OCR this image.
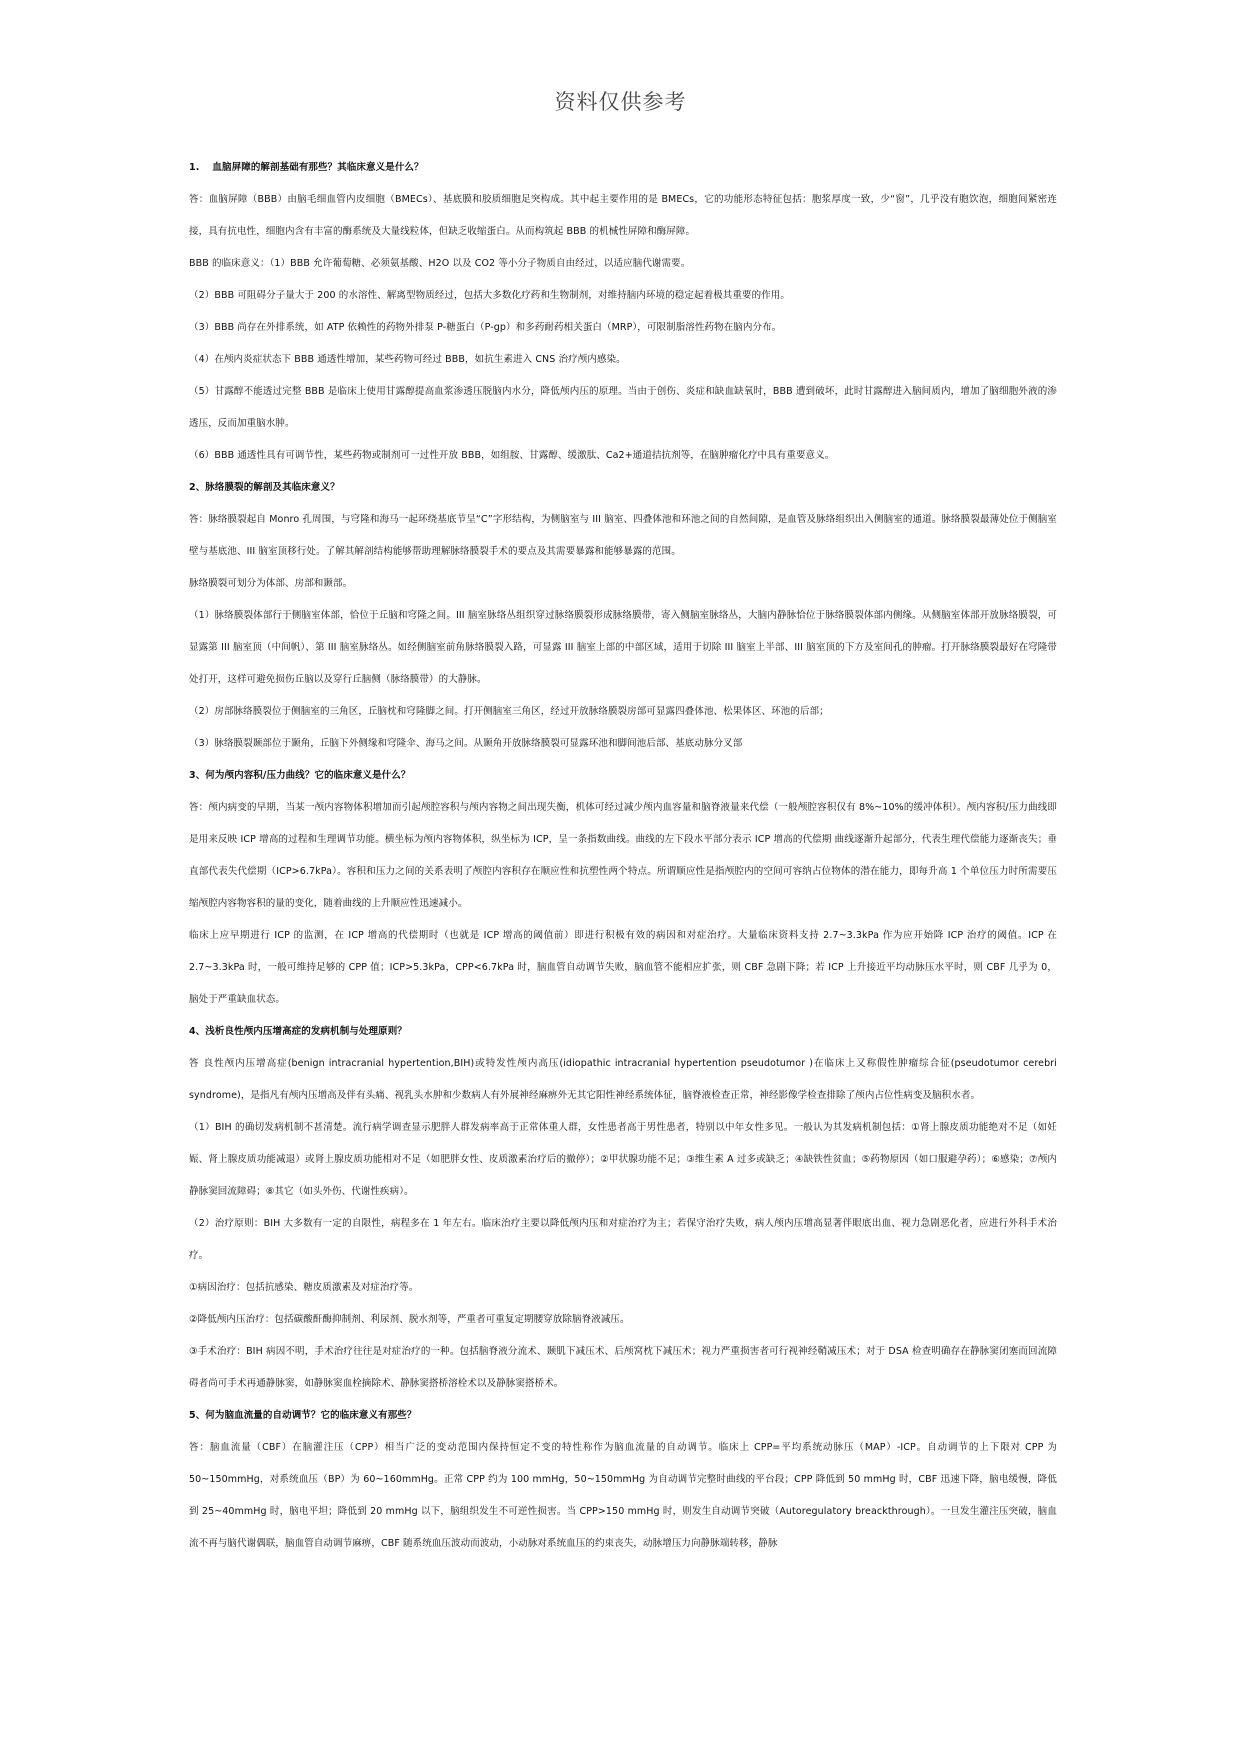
资料仅供参考

1.　 血脑屏障的解剖基础有那些？其临床意义是什么？

答：血脑屏障（BBB）由脑毛细血管内皮细胞（BMECs）、基底膜和胶质细胞足突构成。其中起主要作用的是 BMECs，它的功能形态特征包括：胞浆厚度一致，少“窗”，几乎没有胞饮泡，细胞间紧密连接，具有抗电性，细胞内含有丰富的酶系统及大量线粒体，但缺乏收缩蛋白。从而构筑起 BBB 的机械性屏障和酶屏障。

BBB 的临床意义：（1）BBB 允许葡萄糖、必须氨基酸、H2O 以及 CO2 等小分子物质自由经过，以适应脑代谢需要。

（2）BBB 可阻碍分子量大于 200 的水溶性、解离型物质经过，包括大多数化疗药和生物制剂，对维持脑内环境的稳定起着极其重要的作用。

（3）BBB 尚存在外排系统，如 ATP 依赖性的药物外排泵 P-糖蛋白（P-gp）和多药耐药相关蛋白（MRP），可限制脂溶性药物在脑内分布。

（4）在颅内炎症状态下 BBB 通透性增加，某些药物可经过 BBB，如抗生素进入 CNS 治疗颅内感染。

（5）甘露醇不能透过完整 BBB 是临床上使用甘露醇提高血浆渗透压脱脑内水分，降低颅内压的原理。当由于创伤、炎症和缺血缺氧时，BBB 遭到破坏，此时甘露醇进入脑间质内，增加了脑细胞外液的渗透压，反而加重脑水肿。

（6）BBB 通透性具有可调节性，某些药物或制剂可一过性开放 BBB，如组胺、甘露醇、缓激肽、Ca2+通道拮抗剂等，在脑肿瘤化疗中具有重要意义。

2、脉络膜裂的解剖及其临床意义？

答：脉络膜裂起自 Monro 孔周围，与穹隆和海马一起环绕基底节呈“C”字形结构，为侧脑室与 III 脑室、四叠体池和环池之间的自然间隙，是血管及脉络组织出入侧脑室的通道。脉络膜裂最薄处位于侧脑室壁与基底池、III 脑室顶移行处。了解其解剖结构能够帮助理解脉络膜裂手术的要点及其需要暴露和能够暴露的范围。

脉络膜裂可划分为体部、房部和颞部。

（1）脉络膜裂体部行于侧脑室体部，恰位于丘脑和穹隆之间。III 脑室脉络丛组织穿过脉络膜裂形成脉络膜带，寄入侧脑室脉络丛，大脑内静脉恰位于脉络膜裂体部内侧缘。从侧脑室体部开放脉络膜裂，可显露第 III 脑室顶（中间帆）、第 III 脑室脉络丛。如经侧脑室前角脉络膜裂入路，可显露 III 脑室上部的中部区域，适用于切除 III 脑室上半部、III 脑室顶的下方及室间孔的肿瘤。打开脉络膜裂最好在穹隆带处打开，这样可避免损伤丘脑以及穿行丘脑侧（脉络膜带）的大静脉。

（2）房部脉络膜裂位于侧脑室的三角区，丘脑枕和穹隆脚之间。打开侧脑室三角区，经过开放脉络膜裂房部可显露四叠体池、松果体区、环池的后部；

（3）脉络膜裂颞部位于颞角，丘脑下外侧缘和穹隆伞、海马之间。从颞角开放脉络膜裂可显露环池和脚间池后部、基底动脉分叉部

3、何为颅内容积/压力曲线？它的临床意义是什么？

答：颅内病变的早期，当某一颅内容物体积增加而引起颅腔容积与颅内容物之间出现失衡，机体可经过减少颅内血容量和脑脊液量来代偿（一般颅腔容积仅有 8%~10%的缓冲体积）。颅内容积/压力曲线即是用来反映 ICP 增高的过程和生理调节功能。横坐标为颅内容物体积，纵坐标为 ICP，呈一条指数曲线。曲线的左下段水平部分表示 ICP 增高的代偿期 曲线逐渐升起部分，代表生理代偿能力逐渐丧失；垂直部代表失代偿期（ICP>6.7kPa）。容积和压力之间的关系表明了颅腔内容积存在顺应性和抗塑性两个特点。所谓顺应性是指颅腔内的空间可容纳占位物体的潜在能力，即每升高 1 个单位压力时所需要压缩颅腔内容物容积的量的变化，随着曲线的上升顺应性迅速减小。

临床上应早期进行 ICP 的监测，在 ICP 增高的代偿期时（也就是 ICP 增高的阈值前）即进行积极有效的病因和对症治疗。大量临床资料支持 2.7~3.3kPa 作为应开始降 ICP 治疗的阈值。ICP 在 2.7~3.3kPa 时，一般可维持足够的 CPP 值；ICP>5.3kPa，CPP<6.7kPa 时，脑血管自动调节失败，脑血管不能相应扩张，则 CBF 急剧下降；若 ICP 上升接近平均动脉压水平时，则 CBF 几乎为 0，脑处于严重缺血状态。

4、浅析良性颅内压增高症的发病机制与处理原则？

答 良性颅内压增高症(benign intracranial hypertention,BIH)或特发性颅内高压(idiopathic intracranial hypertention pseudotumor )在临床上又称假性肿瘤综合征(pseudotumor cerebri syndrome)，是指凡有颅内压增高及伴有头痛、视乳头水肿和少数病人有外展神经麻痹外无其它阳性神经系统体征，脑脊液检查正常，神经影像学检查排除了颅内占位性病变及脑积水者。

（1）BIH 的确切发病机制不甚清楚。流行病学调查显示肥胖人群发病率高于正常体重人群，女性患者高于男性患者，特别以中年女性多见。一般认为其发病机制包括：①肾上腺皮质功能绝对不足（如妊娠、肾上腺皮质功能减退）或肾上腺皮质功能相对不足（如肥胖女性、皮质激素治疗后的撤停）；②甲状腺功能不足；③维生素 A 过多或缺乏；④缺铁性贫血；⑤药物原因（如口服避孕药）；⑥感染；⑦颅内静脉窦回流障碍；⑧其它（如头外伤、代谢性疾病）。

（2）治疗原则：BIH 大多数有一定的自限性，病程多在 1 年左右。临床治疗主要以降低颅内压和对症治疗为主；若保守治疗失败，病人颅内压增高显著伴眼底出血、视力急剧恶化者，应进行外科手术治疗。

①病因治疗：包括抗感染、糖皮质激素及对症治疗等。

②降低颅内压治疗：包括碳酸酐酶抑制剂、利尿剂、脱水剂等，严重者可重复定期腰穿放除脑脊液减压。

③手术治疗：BIH 病因不明，手术治疗往往是对症治疗的一种。包括脑脊液分流术、颞肌下减压术、后颅窝枕下减压术；视力严重损害者可行视神经鞘减压术；对于 DSA 检查明确存在静脉窦闭塞而回流障碍者尚可手术再通静脉窦，如静脉窦血栓摘除术、静脉窦搭桥溶栓术以及静脉窦搭桥术。

5、何为脑血流量的自动调节？它的临床意义有那些？

答：脑血流量（CBF）在脑灌注压（CPP）相当广泛的变动范围内保持恒定不变的特性称作为脑血流量的自动调节。临床上 CPP=平均系统动脉压（MAP）-ICP。自动调节的上下限对 CPP 为 50~150mmHg，对系统血压（BP）为 60~160mmHg。正常 CPP 约为 100 mmHg，50~150mmHg 为自动调节完整时曲线的平台段；CPP 降低到 50 mmHg 时，CBF 迅速下降，脑电缓慢，降低到 25~40mmHg 时，脑电平坦；降低到 20 mmHg 以下，脑组织发生不可逆性损害。当 CPP>150 mmHg 时，则发生自动调节突破（Autoregulatory breackthrough）。一旦发生灌注压突破，脑血流不再与脑代谢偶联，脑血管自动调节麻痹，CBF 随系统血压波动而波动，小动脉对系统血压的约束丧失，动脉增压力向静脉端转移，静脉
